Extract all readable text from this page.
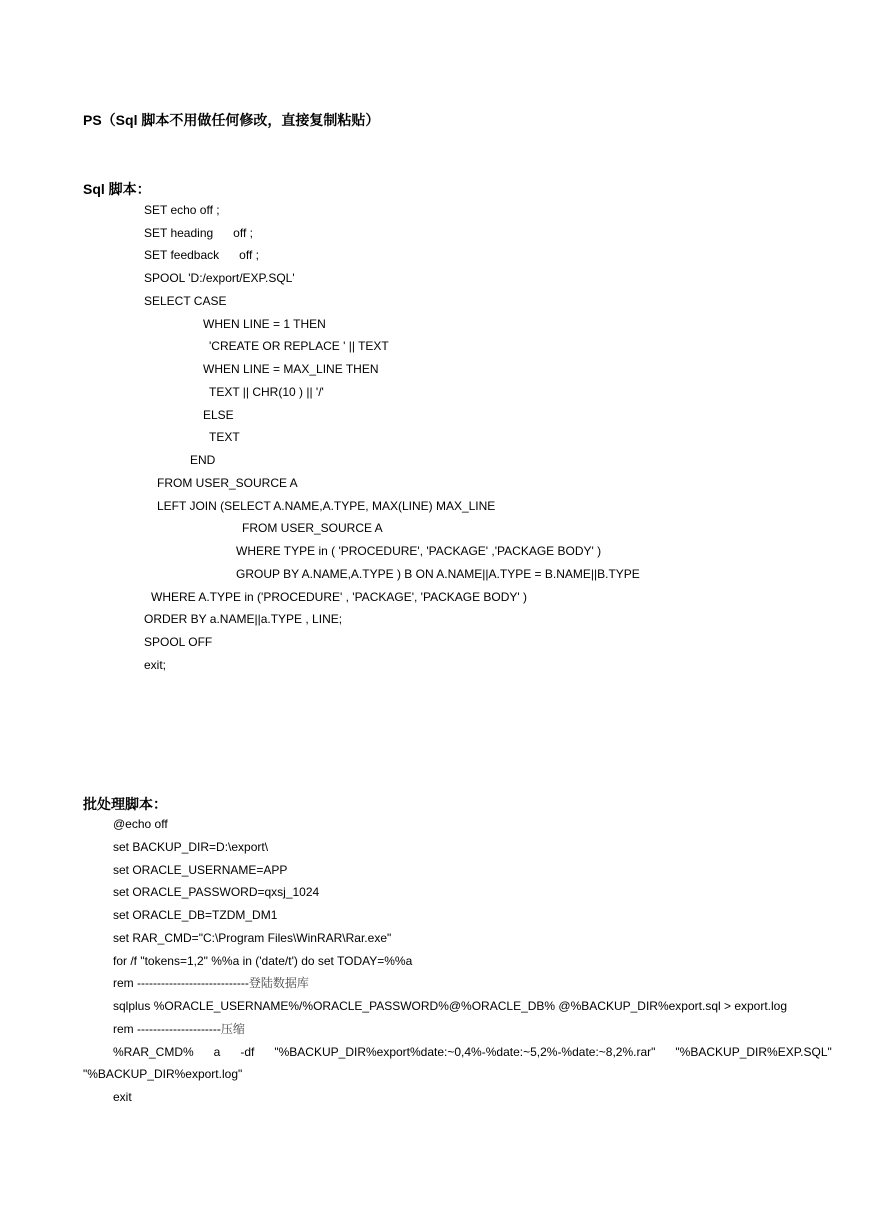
PS（Sql 脚本不用做任何修改，直接复制粘贴）
Sql 脚本：
SET echo off ;
SET heading      off ;
SET feedback      off ;
SPOOL 'D:/export/EXP.SQL'
SELECT CASE
WHEN LINE = 1 THEN
'CREATE OR REPLACE ' || TEXT
WHEN LINE = MAX_LINE THEN
TEXT || CHR(10 ) || '/'
ELSE
TEXT
END
FROM USER_SOURCE A
LEFT JOIN (SELECT A.NAME,A.TYPE, MAX(LINE) MAX_LINE
FROM USER_SOURCE A
WHERE TYPE in ( 'PROCEDURE', 'PACKAGE' ,'PACKAGE BODY' )
GROUP BY A.NAME,A.TYPE ) B ON A.NAME||A.TYPE = B.NAME||B.TYPE
WHERE A.TYPE in ('PROCEDURE' , 'PACKAGE', 'PACKAGE BODY' )
ORDER BY a.NAME||a.TYPE , LINE;
SPOOL OFF
exit;
批处理脚本：
@echo off
set BACKUP_DIR=D:\export\
set ORACLE_USERNAME=APP
set ORACLE_PASSWORD=qxsj_1024
set ORACLE_DB=TZDM_DM1
set RAR_CMD="C:\Program Files\WinRAR\Rar.exe"
for /f "tokens=1,2" %%a in ('date/t') do set TODAY=%%a
rem ----------------------------登陆数据库
sqlplus %ORACLE_USERNAME%/%ORACLE_PASSWORD%@%ORACLE_DB% @%BACKUP_DIR%export.sql > export.log
rem ---------------------压缩
%RAR_CMD%      a      -df      "%BACKUP_DIR%export%date:~0,4%-%date:~5,2%-%date:~8,2%.rar"      "%BACKUP_DIR%EXP.SQL"
"%BACKUP_DIR%export.log"
exit
